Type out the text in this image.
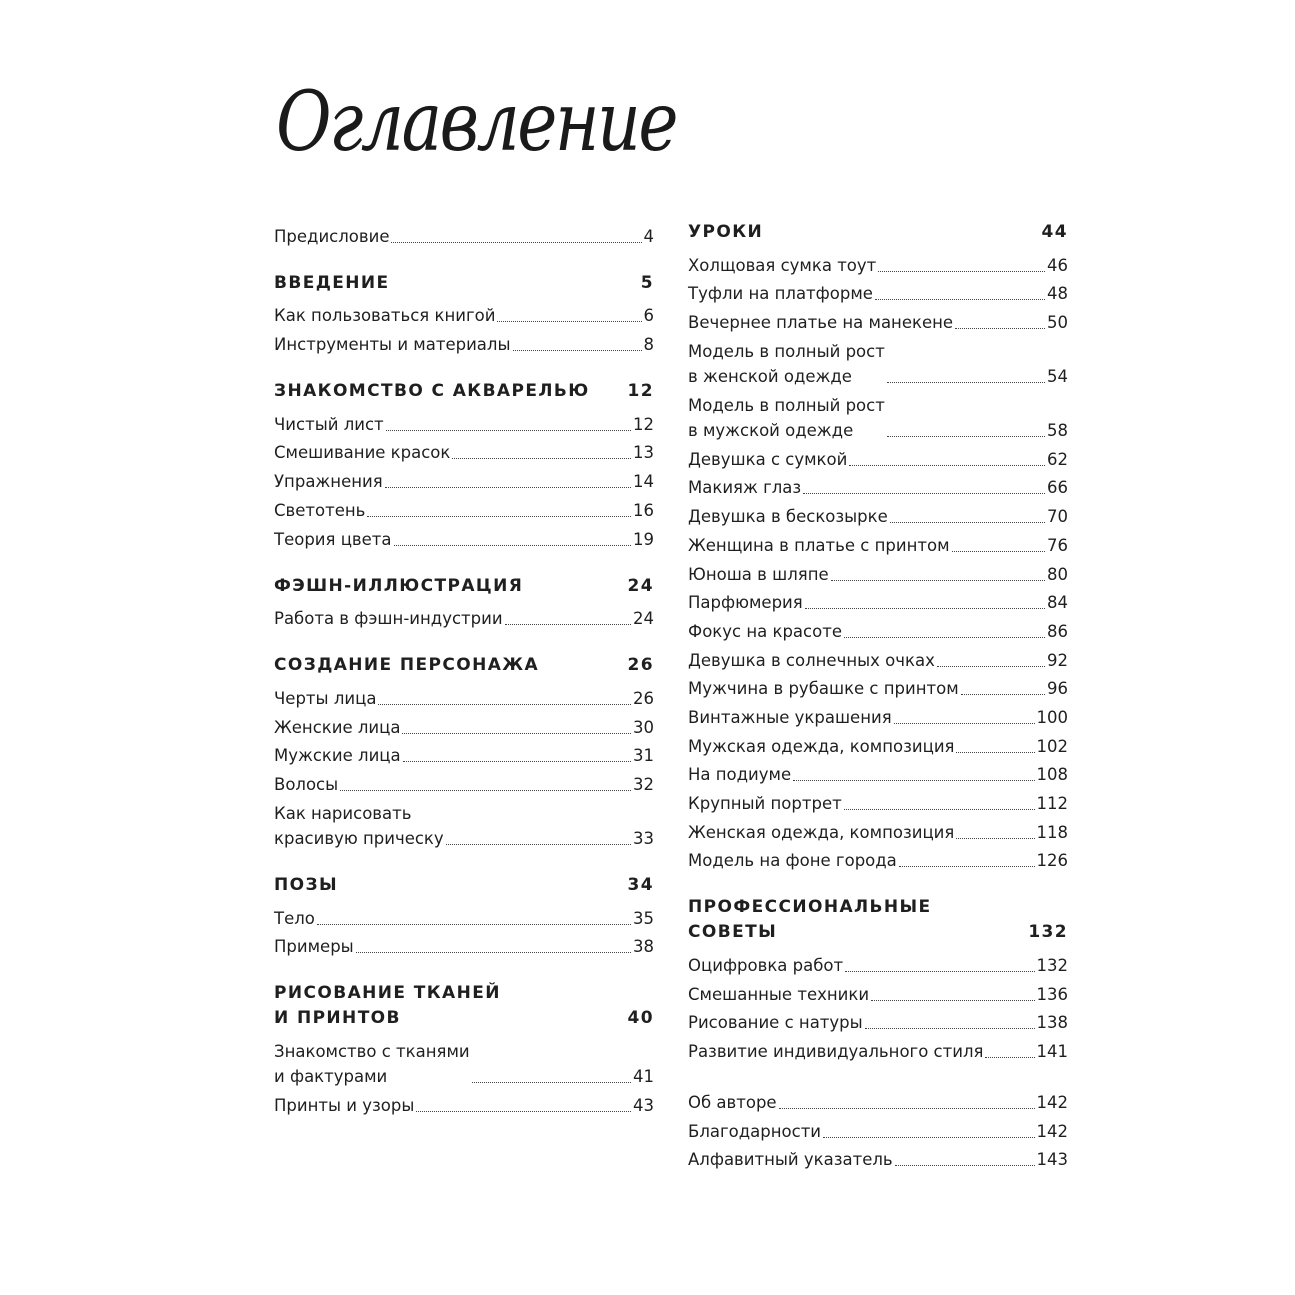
Оглавление
Предисловие	4
ВВЕДЕНИЕ	5
Как пользоваться книгой	6
Инструменты и материалы	8
ЗНАКОМСТВО С АКВАРЕЛЬЮ 12
Чистый лист	12
Смешивание красок	13
Упражнения	14
Светотень	16
Теория цвета	19
ФЭШН-ИЛЛЮСТРАЦИЯ	24
Работа в фэшн-индустрии	24
СОЗДАНИЕ ПЕРСОНАЖА	26
Черты лица	26
Женские лица	30
Мужские лица	31
Волосы	32
Как нарисовать
красивую прическу	33
ПОЗЫ	34
Тело	35
Примеры	38
РИСОВАНИЕ ТКАНЕЙ
И ПРИНТОВ	40
Знакомство с тканями
и фактурами	41
Принты и узоры	43
УРОКИ	44
Холщовая сумка тоут	46
Туфли на платформе	48
Вечернее платье на манекене	50
Модель в полный рост
в женской одежде	54
Модель в полный рост
в мужской одежде	58
Девушка с сумкой	62
Макияж глаз	66
Девушка в бескозырке	70
Женщина в платье с принтом	76
Юноша в шляпе	80
Парфюмерия	84
Фокус на красоте	86
Девушка в солнечных очках	92
Мужчина в рубашке с принтом	96
Винтажные украшения	100
Мужская одежда, композиция	102
На подиуме	108
Крупный портрет	112
Женская одежда, композиция	118
Модель на фоне города	126
ПРОФЕССИОНАЛЬНЫЕ
СОВЕТЫ	132
Оцифровка работ	132
Смешанные техники	136
Рисование с натуры	138
Развитие индивидуального стиля	141
Об авторе	142
Благодарности	142
Алфавитный указатель	143
